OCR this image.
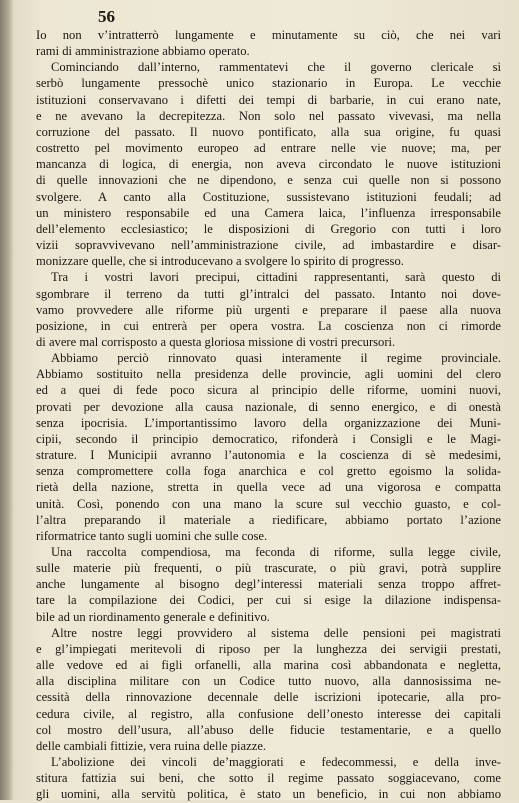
56

Io non v’intratterrò lungamente e minutamente su ciò, che nei vari
rami di amministrazione abbiamo operato.

Cominciando dall’interno, rammentatevi che il governo clericale si
serbò lungamente pressochè unico stazionario in Europa. Le vecchie
istituzioni conservavano i difetti dei tempi di barbarie, in cui erano nate,
e ne avevano la decrepitezza. Non solo nel passato vivevasi, ma nella
corruzione del passato. Il nuovo pontificato, alla sua origine, fu quasi
costretto pel movimento europeo ad entrare nelle vie nuove; ma, per
mancanza di logica, di energia, non aveva circondato le nuove istituzioni
di quelle innovazioni che ne dipendono, e senza cui quelle non si possono
svolgere. A canto alla Costituzione, sussistevano istituzioni feudali; ad
un ministero responsabile ed una Camera laica, l’influenza irresponsabile
dell’elemento ecclesiastico; le disposizioni di Gregorio con tutti i loro
vizii sopravvivevano nell’amministrazione civile, ad imbastardire e disar-
monizzare quelle, che si introducevano a svolgere lo spirito di progresso.

Tra i vostri lavori precipui, cittadini rappresentanti, sarà questo di
sgombrare il terreno da tutti gl’intralci del passato. Intanto noi dove-
vamo provvedere alle riforme più urgenti e preparare il paese alla nuova
posizione, in cui entrerà per opera vostra. La coscienza non ci rimorde
di avere mal corrisposto a questa gloriosa missione di vostri precursori.

Abbiamo perciò rinnovato quasi interamente il regime provinciale.
Abbiamo sostituito nella presidenza delle provincie, agli uomini del clero
ed a quei di fede poco sicura al principio delle riforme, uomini nuovi,
provati per devozione alla causa nazionale, di senno energico, e di onestà
senza ipocrisia. L’importantissimo lavoro della organizzazione dei Muni-
cipii, secondo il principio democratico, rifonderà i Consigli e le Magi-
strature. I Municipii avranno l’autonomia e la coscienza di sè medesimi,
senza compromettere colla foga anarchica e col gretto egoismo la solida-
rietà della nazione, stretta in quella vece ad una vigorosa e compatta
unità. Così, ponendo con una mano la scure sul vecchio guasto, e col-
l’altra preparando il materiale a riedificare, abbiamo portato l’azione
riformatrice tanto sugli uomini che sulle cose.

Una raccolta compendiosa, ma feconda di riforme, sulla legge civile,
sulle materie più frequenti, o più trascurate, o più gravi, potrà supplire
anche lungamente al bisogno degl’interessi materiali senza troppo affret-
tare la compilazione dei Codici, per cui si esige la dilazione indispensa-
bile ad un riordinamento generale e definitivo.

Altre nostre leggi provvidero al sistema delle pensioni pei magistrati
e gl’impiegati meritevoli di riposo per la lunghezza dei servigii prestati,
alle vedove ed ai figli orfanelli, alla marina così abbandonata e negletta,
alla disciplina militare con un Codice tutto nuovo, alla dannosissima ne-
cessità della rinnovazione decennale delle iscrizioni ipotecarie, alla pro-
cedura civile, al registro, alla confusione dell’onesto interesse dei capitali
col mostro dell’usura, all’abuso delle fiducie testamentarie, e a quello
delle cambiali fittizie, vera ruina delle piazze.

L’abolizione dei vincoli de’maggiorati e fedecommessi, e della inve-
stitura fattizia sui beni, che sotto il regime passato soggiacevano, come
gli uomini, alla servitù politica, è stato un beneficio, in cui non abbiamo
